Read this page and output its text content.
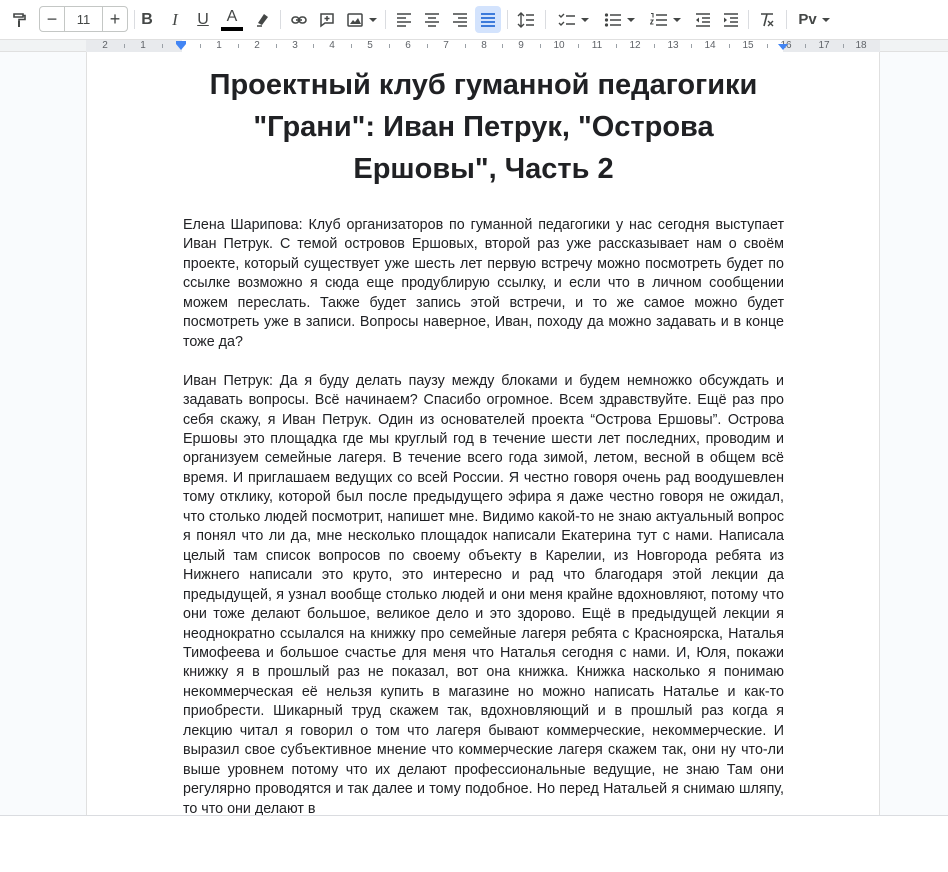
−	11	+	B	I	U	A	Pv
2	1	1	2	3	4	5	6	7	8	9	10	11	12	13	14	15	16	17	18
Проектный клуб гуманной педагогики "Грани": Иван Петрук, "Острова Ершовы", Часть 2

Елена Шарипова: Клуб организаторов по гуманной педагогики у нас сегодня выступает Иван Петрук. С темой островов Ершовых, второй раз уже рассказывает нам о своём проекте, который существует уже шесть лет первую встречу можно посмотреть будет по ссылке возможно я сюда еще продублирую ссылку, и если что в личном сообщении можем переслать. Также будет запись этой встречи, и то же самое можно будет посмотреть уже в записи. Вопросы наверное, Иван, походу да можно задавать и в конце тоже да?

Иван Петрук: Да я буду делать паузу между блоками и будем немножко обсуждать и задавать вопросы. Всё начинаем? Спасибо огромное. Всем здравствуйте. Ещё раз про себя скажу, я Иван Петрук. Один из основателей проекта “Острова Ершовы”. Острова Ершовы это площадка где мы круглый год в течение шести лет последних, проводим и организуем семейные лагеря. В течение всего года зимой, летом, весной в общем всё время. И приглашаем ведущих со всей России. Я честно говоря очень рад воодушевлен тому отклику, которой был после предыдущего эфира я даже честно говоря не ожидал, что столько людей посмотрит, напишет мне. Видимо какой-то не знаю актуальный вопрос я понял что ли да, мне несколько площадок написали Екатерина тут с нами. Написала целый там список вопросов по своему объекту в Карелии, из Новгорода ребята из Нижнего написали это круто, это интересно и рад что благодаря этой лекции да предыдущей, я узнал вообще столько людей и они меня крайне вдохновляют, потому что они тоже делают большое, великое дело и это здорово. Ещё в предыдущей лекции я неоднократно ссылался на книжку про семейные лагеря ребята с Красноярска, Наталья Тимофеева и большое счастье для меня что Наталья сегодня с нами. И, Юля, покажи книжку я в прошлый раз не показал, вот она книжка. Книжка насколько я понимаю некоммерческая её нельзя купить в магазине но можно написать Наталье и как-то приобрести. Шикарный труд скажем так, вдохновляющий и в прошлый раз когда я лекцию читал я говорил о том что лагеря бывают коммерческие, некоммерческие. И выразил свое субъективное мнение что коммерческие лагеря скажем так, они ну что-ли выше уровнем потому что их делают профессиональные ведущие, не знаю Там они регулярно проводятся и так далее и тому подобное. Но перед Натальей я снимаю шляпу, то что они делают в
